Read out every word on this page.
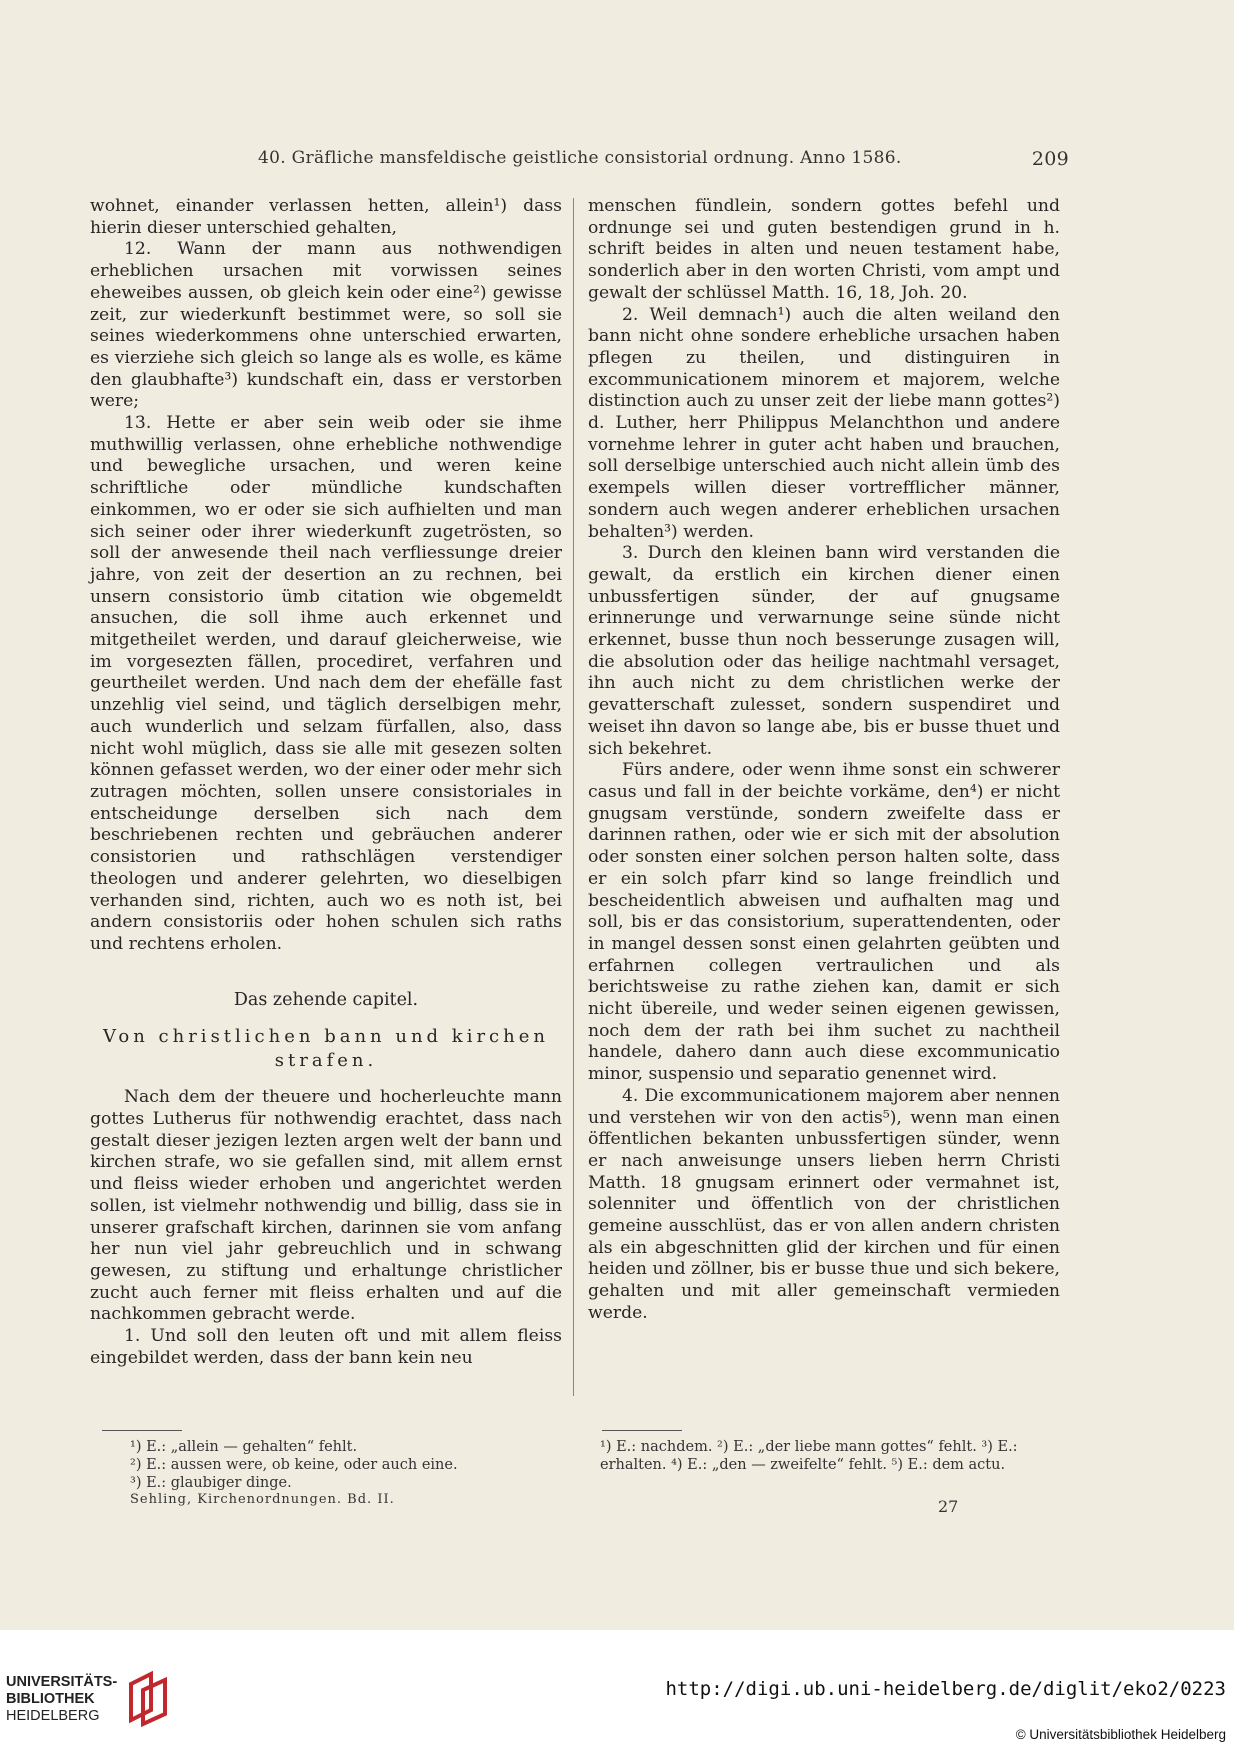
40. Gräfliche mansfeldische geistliche consistorial ordnung. Anno 1586.	209

wohnet, einander verlassen hetten, allein¹) dass hierin dieser unterschied gehalten,

12. Wann der mann aus nothwendigen erheblichen ursachen mit vorwissen seines eheweibes aussen, ob gleich kein oder eine²) gewisse zeit, zur wiederkunft bestimmet were, so soll sie seines wiederkommens ohne unterschied erwarten, es vierziehe sich gleich so lange als es wolle, es käme den glaubhafte³) kundschaft ein, dass er verstorben were;

13. Hette er aber sein weib oder sie ihme muthwillig verlassen, ohne erhebliche nothwendige und bewegliche ursachen, und weren keine schriftliche oder mündliche kundschaften einkommen, wo er oder sie sich aufhielten und man sich seiner oder ihrer wiederkunft zugetrösten, so soll der anwesende theil nach verfliessunge dreier jahre, von zeit der desertion an zu rechnen, bei unsern consistorio ümb citation wie obgemeldt ansuchen, die soll ihme auch erkennet und mitgetheilet werden, und darauf gleicherweise, wie im vorgesezten fällen, procediret, verfahren und geurtheilet werden. Und nach dem der ehefälle fast unzehlig viel seind, und täglich derselbigen mehr, auch wunderlich und selzam fürfallen, also, dass nicht wohl müglich, dass sie alle mit gesezen solten können gefasset werden, wo der einer oder mehr sich zutragen möchten, sollen unsere consistoriales in entscheidunge derselben sich nach dem beschriebenen rechten und gebräuchen anderer consistorien und rathschlägen verstendiger theologen und anderer gelehrten, wo dieselbigen verhanden sind, richten, auch wo es noth ist, bei andern consistoriis oder hohen schulen sich raths und rechtens erholen.

Das zehende capitel.

Von christlichen bann und kirchen strafen.

Nach dem der theuere und hocherleuchte mann gottes Lutherus für nothwendig erachtet, dass nach gestalt dieser jezigen lezten argen welt der bann und kirchen strafe, wo sie gefallen sind, mit allem ernst und fleiss wieder erhoben und angerichtet werden sollen, ist vielmehr nothwendig und billig, dass sie in unserer grafschaft kirchen, darinnen sie vom anfang her nun viel jahr gebreuchlich und in schwang gewesen, zu stiftung und erhaltunge christlicher zucht auch ferner mit fleiss erhalten und auf die nachkommen gebracht werde.

1. Und soll den leuten oft und mit allem fleiss eingebildet werden, dass der bann kein neu

menschen fündlein, sondern gottes befehl und ordnunge sei und guten bestendigen grund in h. schrift beides in alten und neuen testament habe, sonderlich aber in den worten Christi, vom ampt und gewalt der schlüssel Matth. 16, 18, Joh. 20.

2. Weil demnach¹) auch die alten weiland den bann nicht ohne sondere erhebliche ursachen haben pflegen zu theilen, und distinguiren in excommunicationem minorem et majorem, welche distinction auch zu unser zeit der liebe mann gottes²) d. Luther, herr Philippus Melanchthon und andere vornehme lehrer in guter acht haben und brauchen, soll derselbige unterschied auch nicht allein ümb des exempels willen dieser vortrefflicher männer, sondern auch wegen anderer erheblichen ursachen behalten³) werden.

3. Durch den kleinen bann wird verstanden die gewalt, da erstlich ein kirchen diener einen unbussfertigen sünder, der auf gnugsame erinnerunge und verwarnunge seine sünde nicht erkennet, busse thun noch besserunge zusagen will, die absolution oder das heilige nachtmahl versaget, ihn auch nicht zu dem christlichen werke der gevatterschaft zulesset, sondern suspendiret und weiset ihn davon so lange abe, bis er busse thuet und sich bekehret.

Fürs andere, oder wenn ihme sonst ein schwerer casus und fall in der beichte vorkäme, den⁴) er nicht gnugsam verstünde, sondern zweifelte dass er darinnen rathen, oder wie er sich mit der absolution oder sonsten einer solchen person halten solte, dass er ein solch pfarr kind so lange freindlich und bescheidentlich abweisen und aufhalten mag und soll, bis er das consistorium, superattendenten, oder in mangel dessen sonst einen gelahrten geübten und erfahrnen collegen vertraulichen und als berichtsweise zu rathe ziehen kan, damit er sich nicht übereile, und weder seinen eigenen gewissen, noch dem der rath bei ihm suchet zu nachtheil handele, dahero dann auch diese excommunicatio minor, suspensio und separatio genennet wird.

4. Die excommunicationem majorem aber nennen und verstehen wir von den actis⁵), wenn man einen öffentlichen bekanten unbussfertigen sünder, wenn er nach anweisunge unsers lieben herrn Christi Matth. 18 gnugsam erinnert oder vermahnet ist, solenniter und öffentlich von der christlichen gemeine ausschlüst, das er von allen andern christen als ein abgeschnitten glid der kirchen und für einen heiden und zöllner, bis er busse thue und sich bekere, gehalten und mit aller gemeinschaft vermieden werde.

¹) E.: „allein — gehalten“ fehlt.
²) E.: aussen were, ob keine, oder auch eine.
³) E.: glaubiger dinge.
Sehling, Kirchenordnungen. Bd. II.
¹) E.: nachdem. ²) E.: „der liebe mann gottes“ fehlt. ³) E.: erhalten. ⁴) E.: „den — zweifelte“ fehlt. ⁵) E.: dem actu.
27
UNIVERSITÄTS-
BIBLIOTHEK
HEIDELBERG
http://digi.ub.uni-heidelberg.de/diglit/eko2/0223
© Universitätsbibliothek Heidelberg
